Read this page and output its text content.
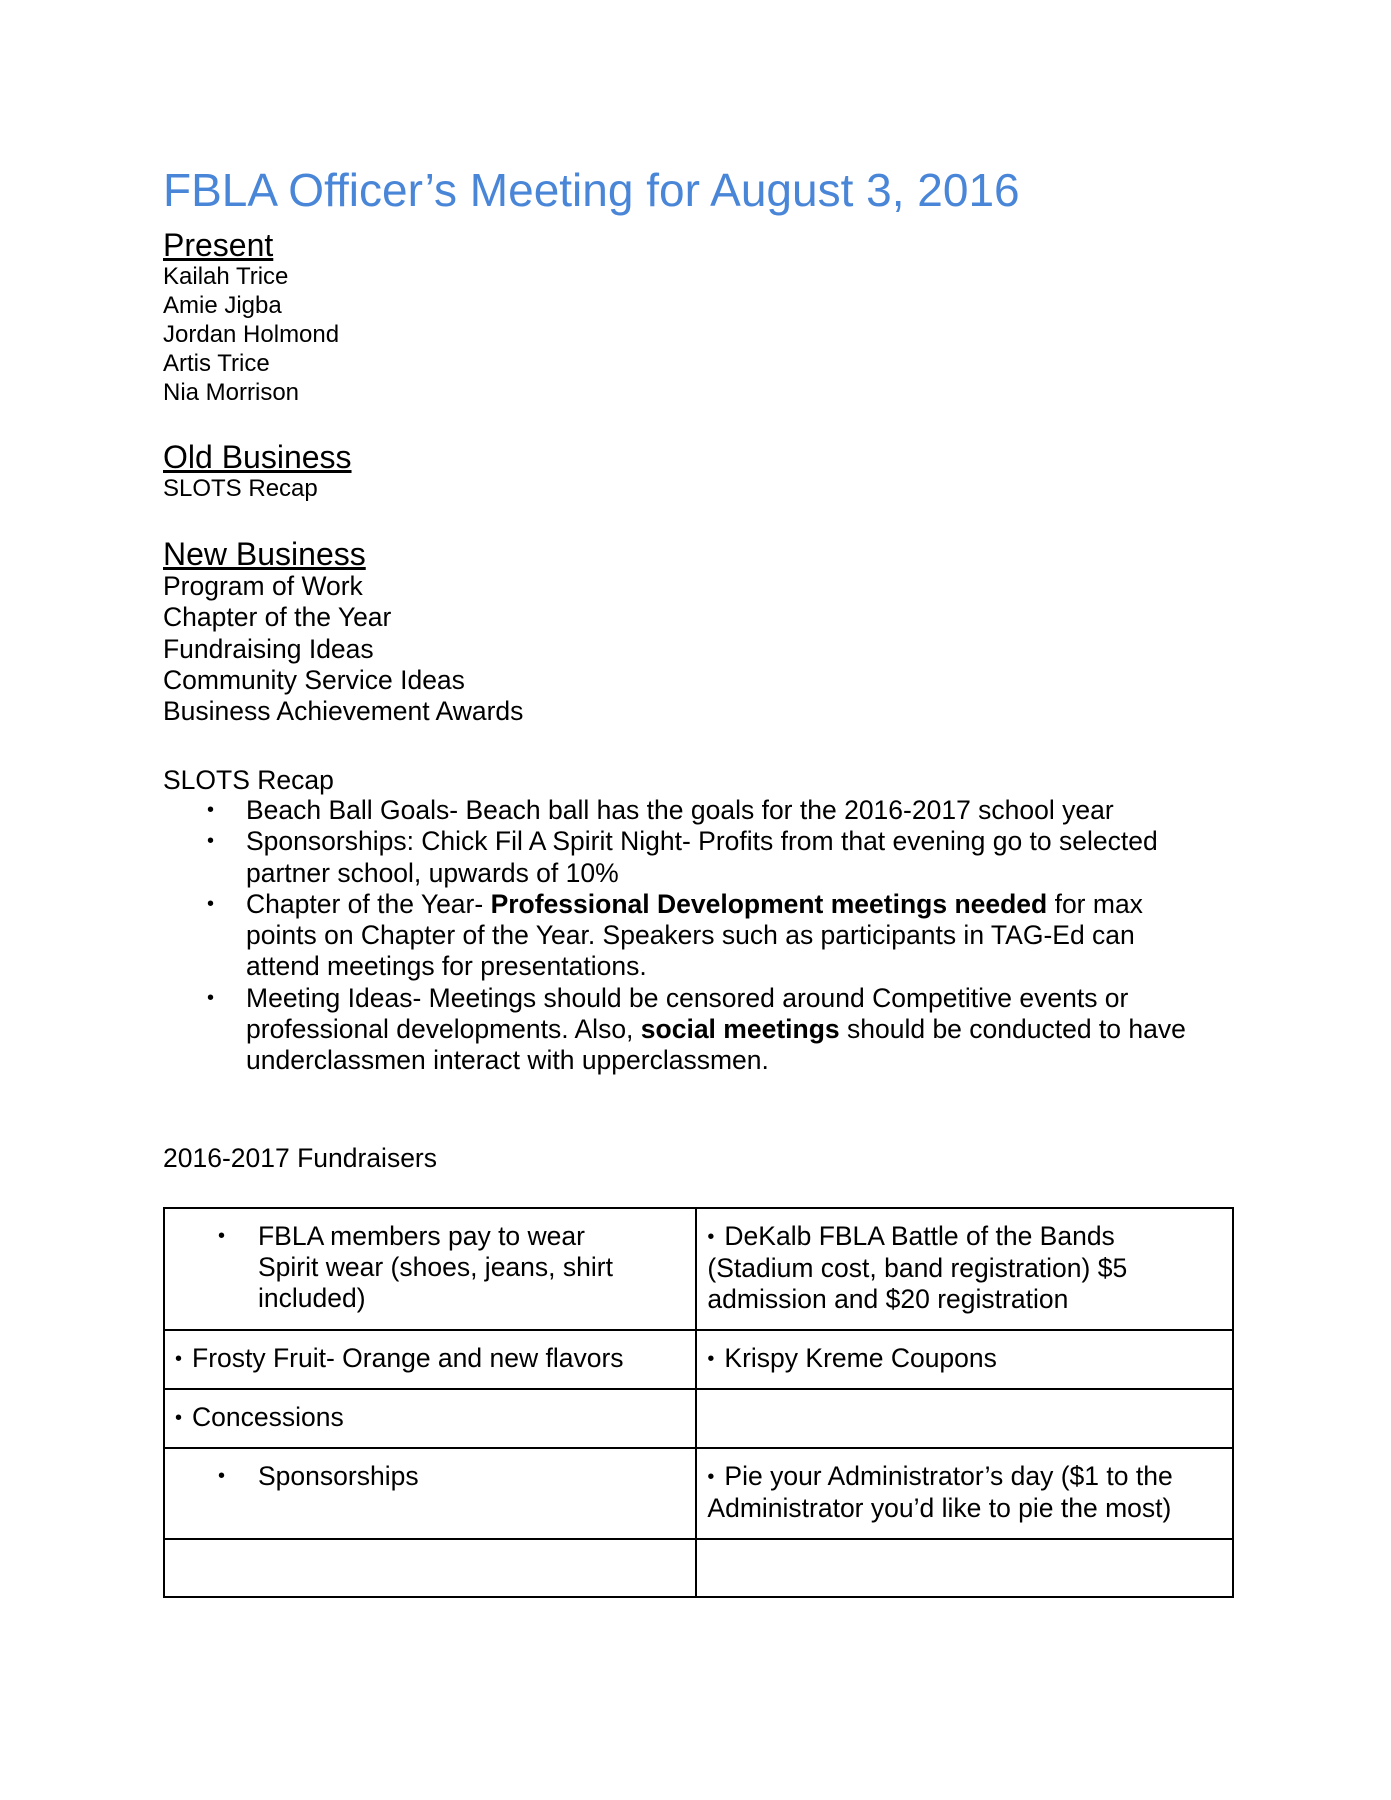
FBLA Officer’s Meeting for August 3, 2016
Present
Kailah Trice
Amie Jigba
Jordan Holmond
Artis Trice
Nia Morrison
Old Business
SLOTS Recap
New Business
Program of Work
Chapter of the Year
Fundraising Ideas
Community Service Ideas
Business Achievement Awards
SLOTS Recap
• Beach Ball Goals- Beach ball has the goals for the 2016-2017 school year
• Sponsorships: Chick Fil A Spirit Night- Profits from that evening go to selected
partner school, upwards of 10%
• Chapter of the Year- Professional Development meetings needed for max
points on Chapter of the Year. Speakers such as participants in TAG-Ed can
attend meetings for presentations.
• Meeting Ideas- Meetings should be censored around Competitive events or
professional developments. Also, social meetings should be conducted to have
underclassmen interact with upperclassmen.
2016-2017 Fundraisers
• FBLA members pay to wear
Spirit wear (shoes, jeans, shirt
included)	• DeKalb FBLA Battle of the Bands
(Stadium cost, band registration) $5
admission and $20 registration

• Frosty Fruit- Orange and new flavors	• Krispy Kreme Coupons

• Concessions	

• Sponsorships	• Pie your Administrator’s day ($1 to the
Administrator you’d like to pie the most)
